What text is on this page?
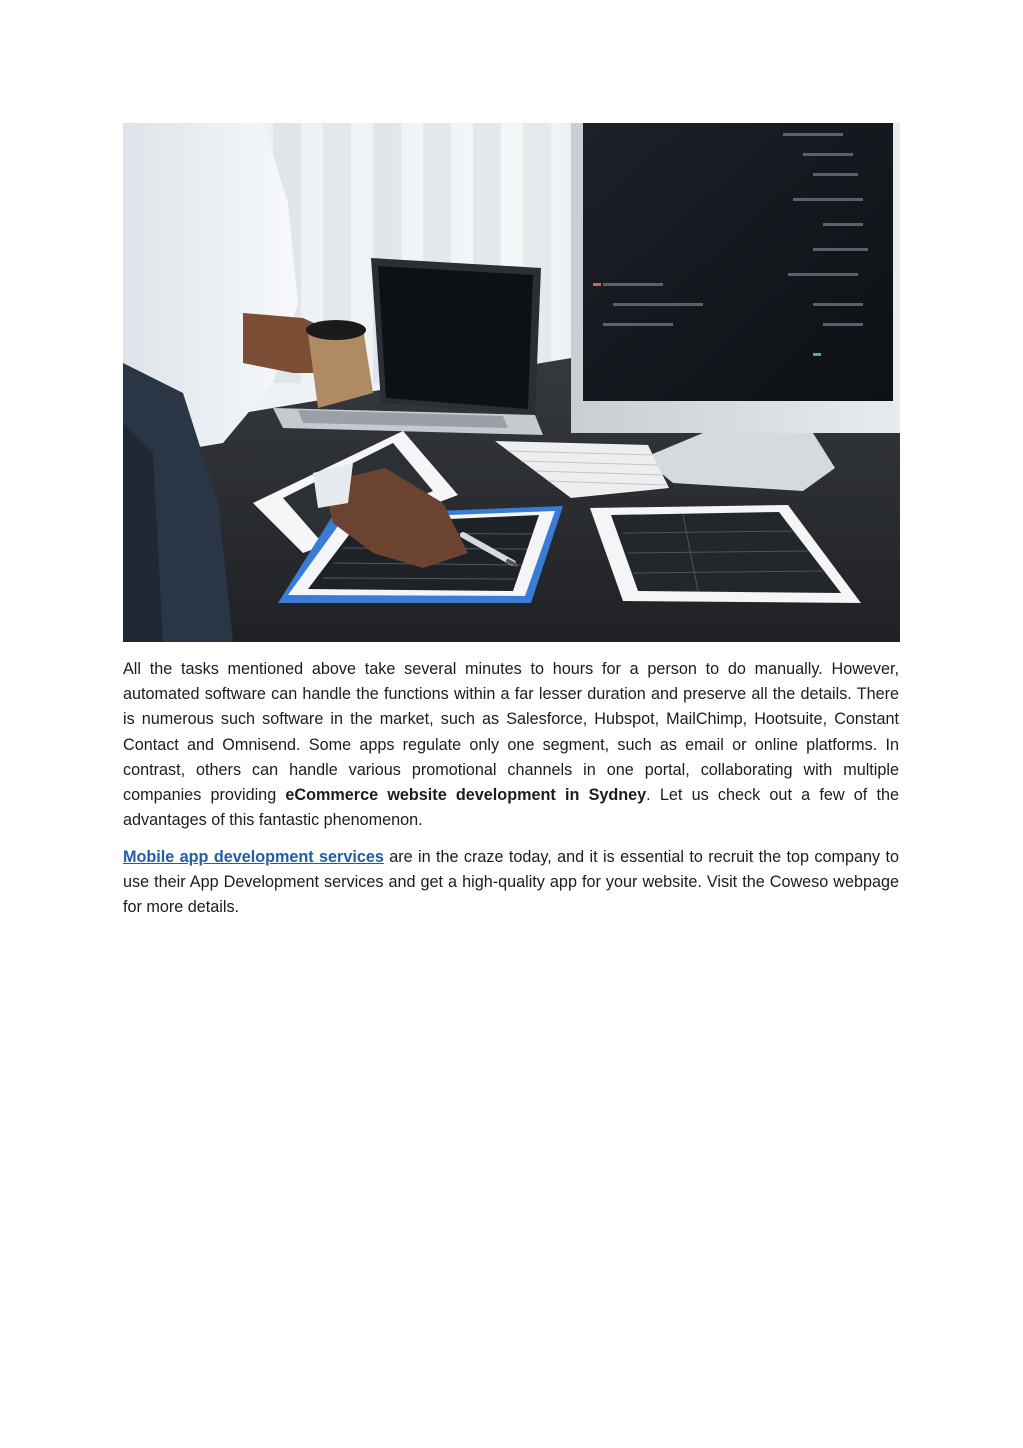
All the tasks mentioned above take several minutes to hours for a person to do manually. However, automated software can handle the functions within a far lesser duration and preserve all the details. There is numerous such software in the market, such as Salesforce, Hubspot, MailChimp, Hootsuite, Constant Contact and Omnisend. Some apps regulate only one segment, such as email or online platforms. In contrast, others can handle various promotional channels in one portal, collaborating with multiple companies providing eCommerce website development in Sydney. Let us check out a few of the advantages of this fantastic phenomenon.

Mobile app development services are in the craze today, and it is essential to recruit the top company to use their App Development services and get a high-quality app for your website. Visit the Coweso webpage for more details.
